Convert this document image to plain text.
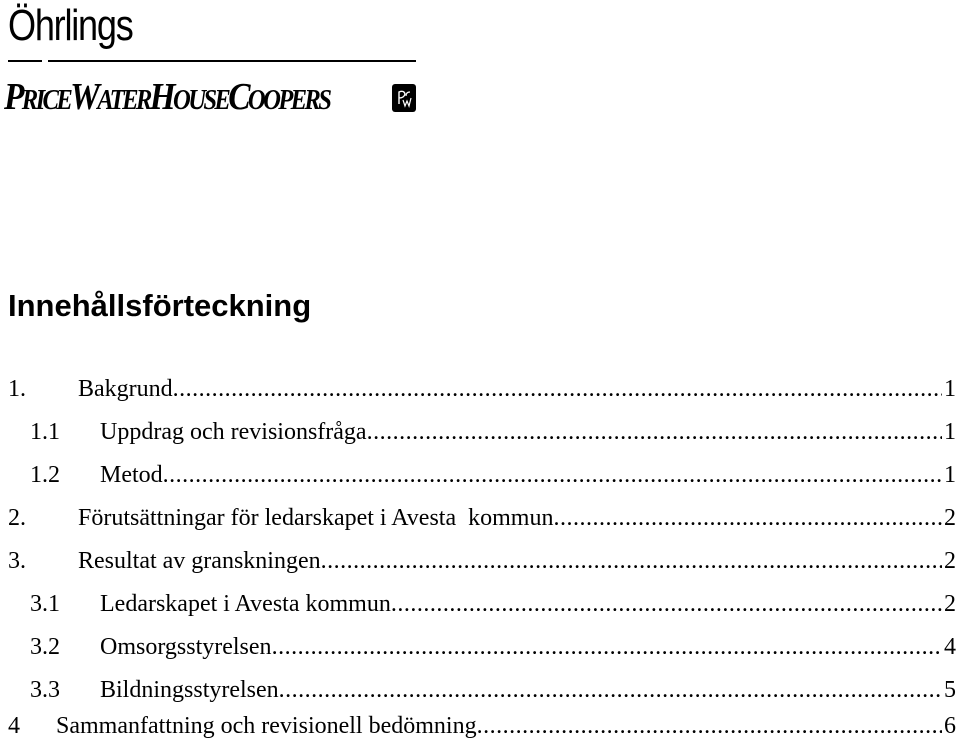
Öhrlings
PRICEWATERHOUSECOOPERS
Innehållsförteckning
1. Bakgrund .....	1
1.1 Uppdrag och revisionsfråga .....	1
1.2 Metod .....	1
2. Förutsättningar för ledarskapet i Avesta  kommun .....	2
3. Resultat av granskningen .....	2
3.1 Ledarskapet i Avesta kommun .....	2
3.2 Omsorgsstyrelsen .....	4
3.3 Bildningsstyrelsen .....	5
4 Sammanfattning och revisionell bedömning .....	6
